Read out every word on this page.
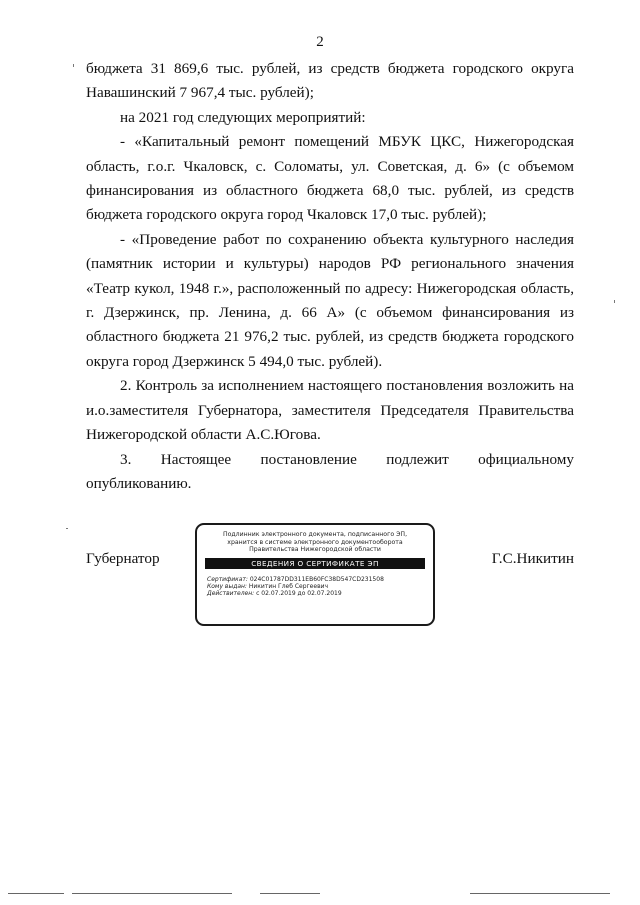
2

бюджета 31 869,6 тыс. рублей, из средств бюджета городского округа Навашинский 7 967,4 тыс. рублей);

на 2021 год следующих мероприятий:

- «Капитальный ремонт помещений МБУК ЦКС, Нижегородская область, г.о.г. Чкаловск, с. Соломаты, ул. Советская, д. 6» (с объемом финансирования из областного бюджета 68,0 тыс. рублей, из средств бюджета городского округа город Чкаловск 17,0 тыс. рублей);

- «Проведение работ по сохранению объекта культурного наследия (памятник истории и культуры) народов РФ регионального значения «Театр кукол, 1948 г.», расположенный по адресу: Нижегородская область, г. Дзержинск, пр. Ленина, д. 66 А» (с объемом финансирования из областного бюджета 21 976,2 тыс. рублей, из средств бюджета городского округа город Дзержинск 5 494,0 тыс. рублей).

2. Контроль за исполнением настоящего постановления возложить на и.о.заместителя Губернатора, заместителя Председателя Правительства Нижегородской области А.С.Югова.

3. Настоящее постановление подлежит официальному опубликованию.

Губернатор	Г.С.Никитин
Подлинник электронного документа, подписанного ЭП,
хранится в системе электронного документооборота
Правительства Нижегородской области
СВЕДЕНИЯ О СЕРТИФИКАТЕ ЭП
Сертификат: 024C01787DD311EB60FC38D547CD231508
Кому выдан: Никитин Глеб Сергеевич
Действителен: с 02.07.2019 до 02.07.2019
